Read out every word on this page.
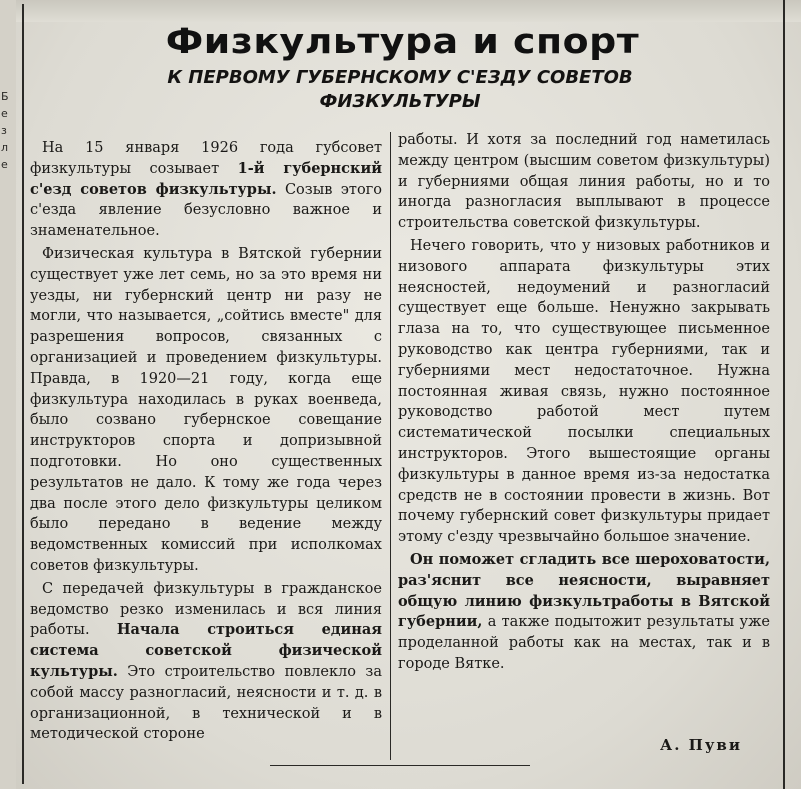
Безле
Физкультура и спорт
К ПЕРВОМУ ГУБЕРНСКОМУ С'ЕЗДУ СОВЕТОВ ФИЗКУЛЬТУРЫ

На 15 января 1926 года губсовет физкультуры созывает 1-й губернский с'езд советов физкультуры. Созыв этого с'езда явление безусловно важное и знаменательное.

Физическая культура в Вятской губернии существует уже лет семь, но за это время ни уезды, ни губернский центр ни разу не могли, что называется, „сойтись вместе" для разрешения вопросов, связанных с организацией и проведением физкультуры. Правда, в 1920—21 году, когда еще физкультура находилась в руках военведа, было созвано губернское совещание инструкторов спорта и допризывной подготовки. Но оно существенных результатов не дало. К тому же года через два после этого дело физкультуры целиком было передано в ведение между ведомственных комиссий при исполкомах советов физкультуры.

С передачей физкультуры в гражданское ведомство резко изменилась и вся линия работы. Начала строиться единая система советской физической культуры. Это строительство повлекло за собой массу разногласий, неясности и т. д. в организационной, в технической и в методической стороне

работы. И хотя за последний год наметилась между центром (высшим советом физкультуры) и губерниями общая линия работы, но и то иногда разногласия выплывают в процессе строительства советской физкультуры.

Нечего говорить, что у низовых работников и низового аппарата физкультуры этих неясностей, недоумений и разногласий существует еще больше. Ненужно закрывать глаза на то, что существующее письменное руководство как центра губерниями, так и губерниями мест недостаточное. Нужна постоянная живая связь, нужно постоянное руководство работой мест путем систематической посылки специальных инструкторов. Этого вышестоящие органы физкультуры в данное время из-за недостатка средств не в состоянии провести в жизнь. Вот почему губернский совет физкультуры придает этому с'езду чрезвычайно большое значение.

Он поможет сгладить все шероховатости, раз'яснит все неясности, выравняет общую линию физкультработы в Вятской губернии, а также подытожит результаты уже проделанной работы как на местах, так и в городе Вятке.

А. Пуви
